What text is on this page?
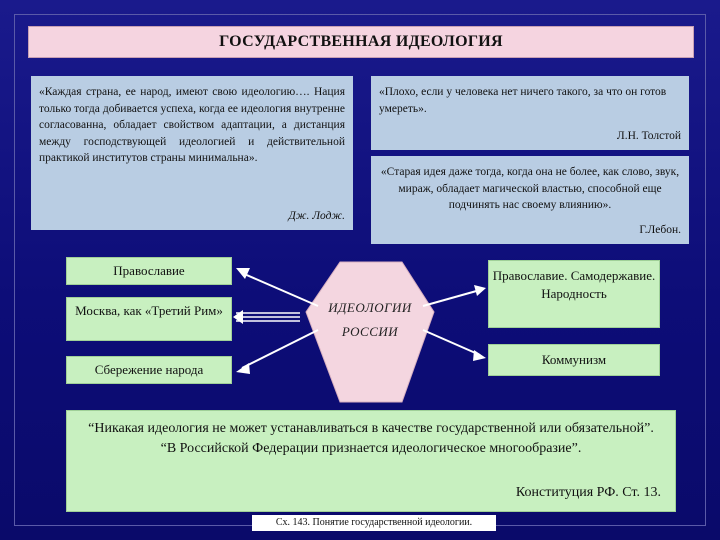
ГОСУДАРСТВЕННАЯ ИДЕОЛОГИЯ
«Каждая страна, ее народ, имеют свою идеологию…. Нация только тогда добивается успеха, когда ее идеология внутренне согласованна, обладает свойством адаптации, а дистанция между господствующей идеологией и действительной практикой институтов страны минимальна».
Дж. Лодж.
«Плохо, если у человека нет ничего такого, за что он готов умереть».
Л.Н. Толстой
«Старая идея даже тогда, когда она не более, как слово, звук, мираж, обладает магической властью, способной еще подчинять нас своему влиянию».
Г.Лебон.
Православие
Москва, как «Третий Рим»
Сбережение народа
ИДЕОЛОГИИ РОССИИ
Православие. Самодержавие. Народность
Коммунизм
“Никакая идеология не может устанавливаться в качестве государственной или обязательной”.
“В Российской Федерации признается идеологическое многообразие”.
Конституция РФ. Ст. 13.
Сх. 143. Понятие государственной идеологии.
